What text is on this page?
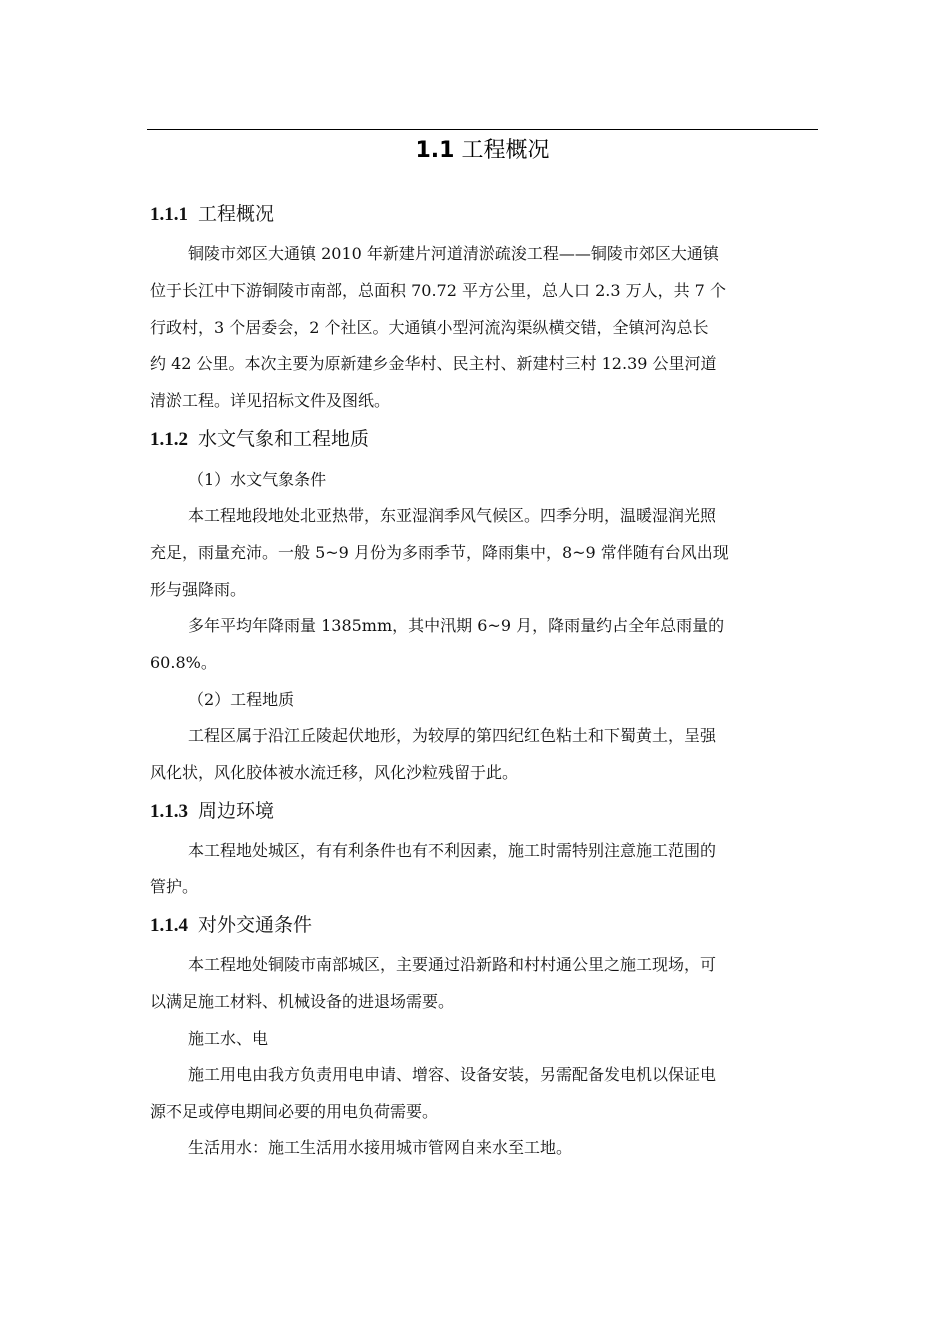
1.1 工程概况
1.1.1 工程概况
铜陵市郊区大通镇 2010 年新建片河道清淤疏浚工程——铜陵市郊区大通镇
位于长江中下游铜陵市南部，总面积 70.72 平方公里，总人口 2.3 万人，共 7 个
行政村，3 个居委会，2 个社区。大通镇小型河流沟渠纵横交错，全镇河沟总长
约 42 公里。本次主要为原新建乡金华村、民主村、新建村三村 12.39 公里河道
清淤工程。详见招标文件及图纸。
1.1.2 水文气象和工程地质
（1）水文气象条件
本工程地段地处北亚热带，东亚湿润季风气候区。四季分明，温暖湿润光照
充足，雨量充沛。一般 5~9 月份为多雨季节，降雨集中，8~9 常伴随有台风出现
形与强降雨。
多年平均年降雨量 1385mm，其中汛期 6~9 月，降雨量约占全年总雨量的
60.8%。
（2）工程地质
工程区属于沿江丘陵起伏地形，为较厚的第四纪红色粘土和下蜀黄土，呈强
风化状，风化胶体被水流迁移，风化沙粒残留于此。
1.1.3 周边环境
本工程地处城区，有有利条件也有不利因素，施工时需特别注意施工范围的
管护。
1.1.4 对外交通条件
本工程地处铜陵市南部城区，主要通过沿新路和村村通公里之施工现场，可
以满足施工材料、机械设备的进退场需要。
施工水、电
施工用电由我方负责用电申请、增容、设备安装，另需配备发电机以保证电
源不足或停电期间必要的用电负荷需要。
生活用水：施工生活用水接用城市管网自来水至工地。
